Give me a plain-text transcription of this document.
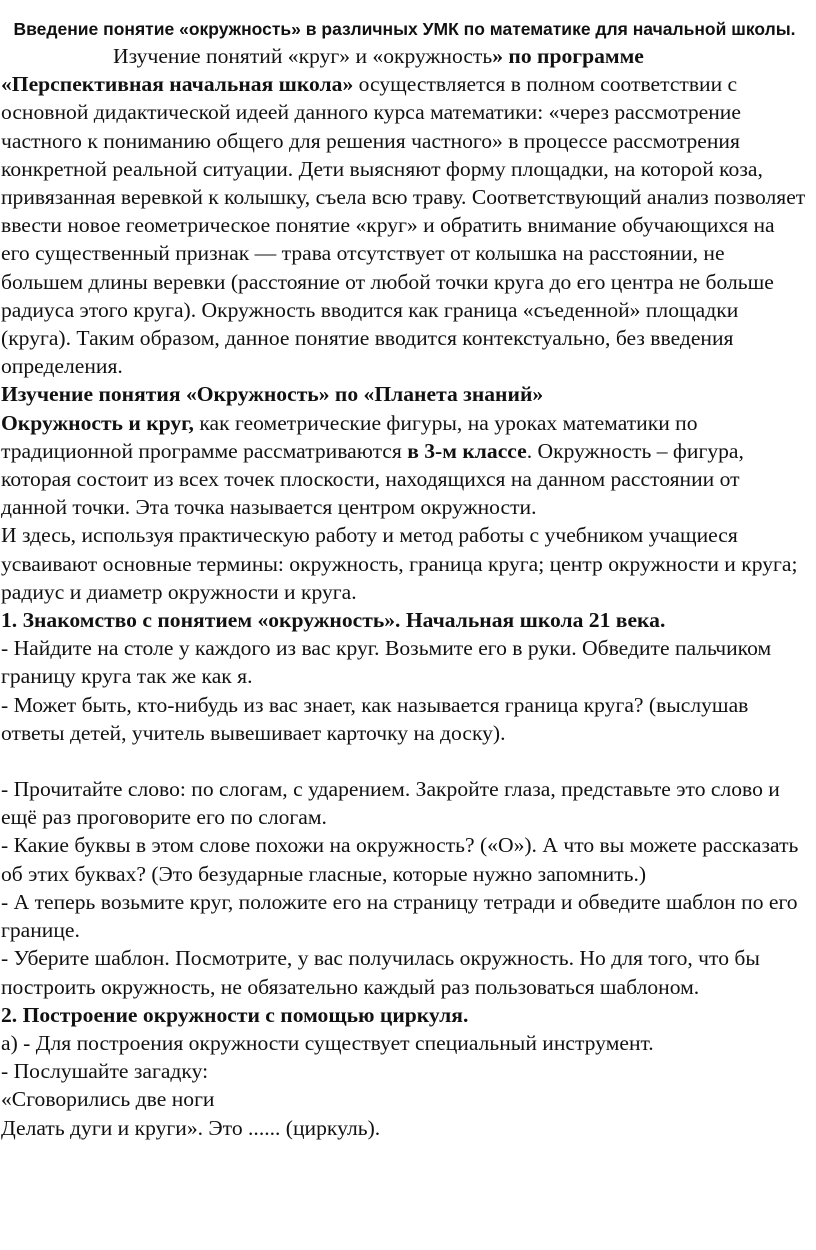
Введение понятие «окружность» в различных УМК по математике для начальной школы.

Изучение понятий «круг» и «окружность» по программе «Перспективная начальная школа» осуществляется в полном соответствии с основной дидактической идеей данного курса математики: «через рассмотрение частного к пониманию общего для решения частного» в процессе рассмотрения конкретной реальной ситуации. Дети выясняют форму площадки, на которой коза, привязанная веревкой к колышку, съела всю траву. Соответствующий анализ позволяет ввести новое геометрическое понятие «круг» и обратить внимание обучающихся на его существенный признак — трава отсутствует от колышка на расстоянии, не большем длины веревки (расстояние от любой точки круга до его центра не больше радиуса этого круга). Окружность вводится как граница «съеденной» площадки (круга). Таким образом, данное понятие вводится контекстуально, без введения определения.

Изучение понятия «Окружность» по «Планета знаний»

Окружность и круг, как геометрические фигуры, на уроках математики по традиционной программе рассматриваются в 3-м классе. Окружность – фигура, которая состоит из всех точек плоскости, находящихся на данном расстоянии от данной точки. Эта точка называется центром окружности.

И здесь, используя практическую работу и метод работы с учебником учащиеся усваивают основные термины: окружность, граница круга; центр окружности и круга; радиус и диаметр окружности и круга.

1. Знакомство с понятием «окружность». Начальная школа 21 века.

- Найдите на столе у каждого из вас круг. Возьмите его в руки. Обведите пальчиком границу круга так же как я.

- Может быть, кто-нибудь из вас знает, как называется граница круга? (выслушав ответы детей, учитель вывешивает карточку на доску).

- Прочитайте слово: по слогам, с ударением. Закройте глаза, представьте это слово и ещё раз проговорите его по слогам.

- Какие буквы в этом слове похожи на окружность? («О»). А что вы можете рассказать об этих буквах? (Это безударные гласные, которые нужно запомнить.)

- А теперь возьмите круг, положите его на страницу тетради и обведите шаблон по его границе.

- Уберите шаблон. Посмотрите, у вас получилась окружность. Но для того, что бы построить окружность, не обязательно каждый раз пользоваться шаблоном.

2. Построение окружности с помощью циркуля.

а) - Для построения окружности существует специальный инструмент.

- Послушайте загадку:

«Сговорились две ноги

Делать дуги и круги». Это ...... (циркуль).
